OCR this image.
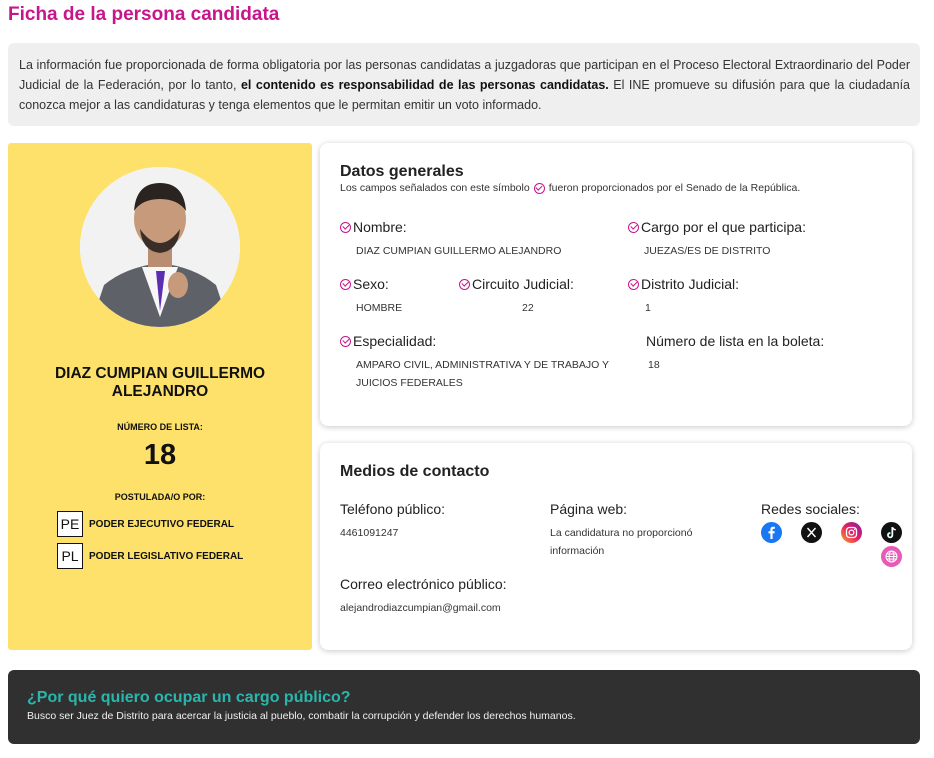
Ficha de la persona candidata
La información fue proporcionada de forma obligatoria por las personas candidatas a juzgadoras que participan en el Proceso Electoral Extraordinario del Poder Judicial de la Federación, por lo tanto, el contenido es responsabilidad de las personas candidatas. El INE promueve su difusión para que la ciudadanía conozca mejor a las candidaturas y tenga elementos que le permitan emitir un voto informado.
DIAZ CUMPIAN GUILLERMO ALEJANDRO
NÚMERO DE LISTA:
18
POSTULADA/O POR:
PE PODER EJECUTIVO FEDERAL
PL	PODER LEGISLATIVO FEDERAL
Datos generales
Los campos señalados con este símbolo fueron proporcionados por el Senado de la República.
Nombre:
DIAZ CUMPIAN GUILLERMO ALEJANDRO
Cargo por el que participa:
JUEZAS/ES DE DISTRITO
Sexo:
HOMBRE
Circuito Judicial:
22
Distrito Judicial:
1
Especialidad:
AMPARO CIVIL, ADMINISTRATIVA Y DE TRABAJO Y JUICIOS FEDERALES
Número de lista en la boleta:
18
Medios de contacto
Teléfono público:
4461091247
Página web:
La candidatura no proporcionó información
Redes sociales:
Correo electrónico público:
alejandrodiazcumpian@gmail.com
¿Por qué quiero ocupar un cargo público?
Busco ser Juez de Distrito para acercar la justicia al pueblo, combatir la corrupción y defender los derechos humanos.
